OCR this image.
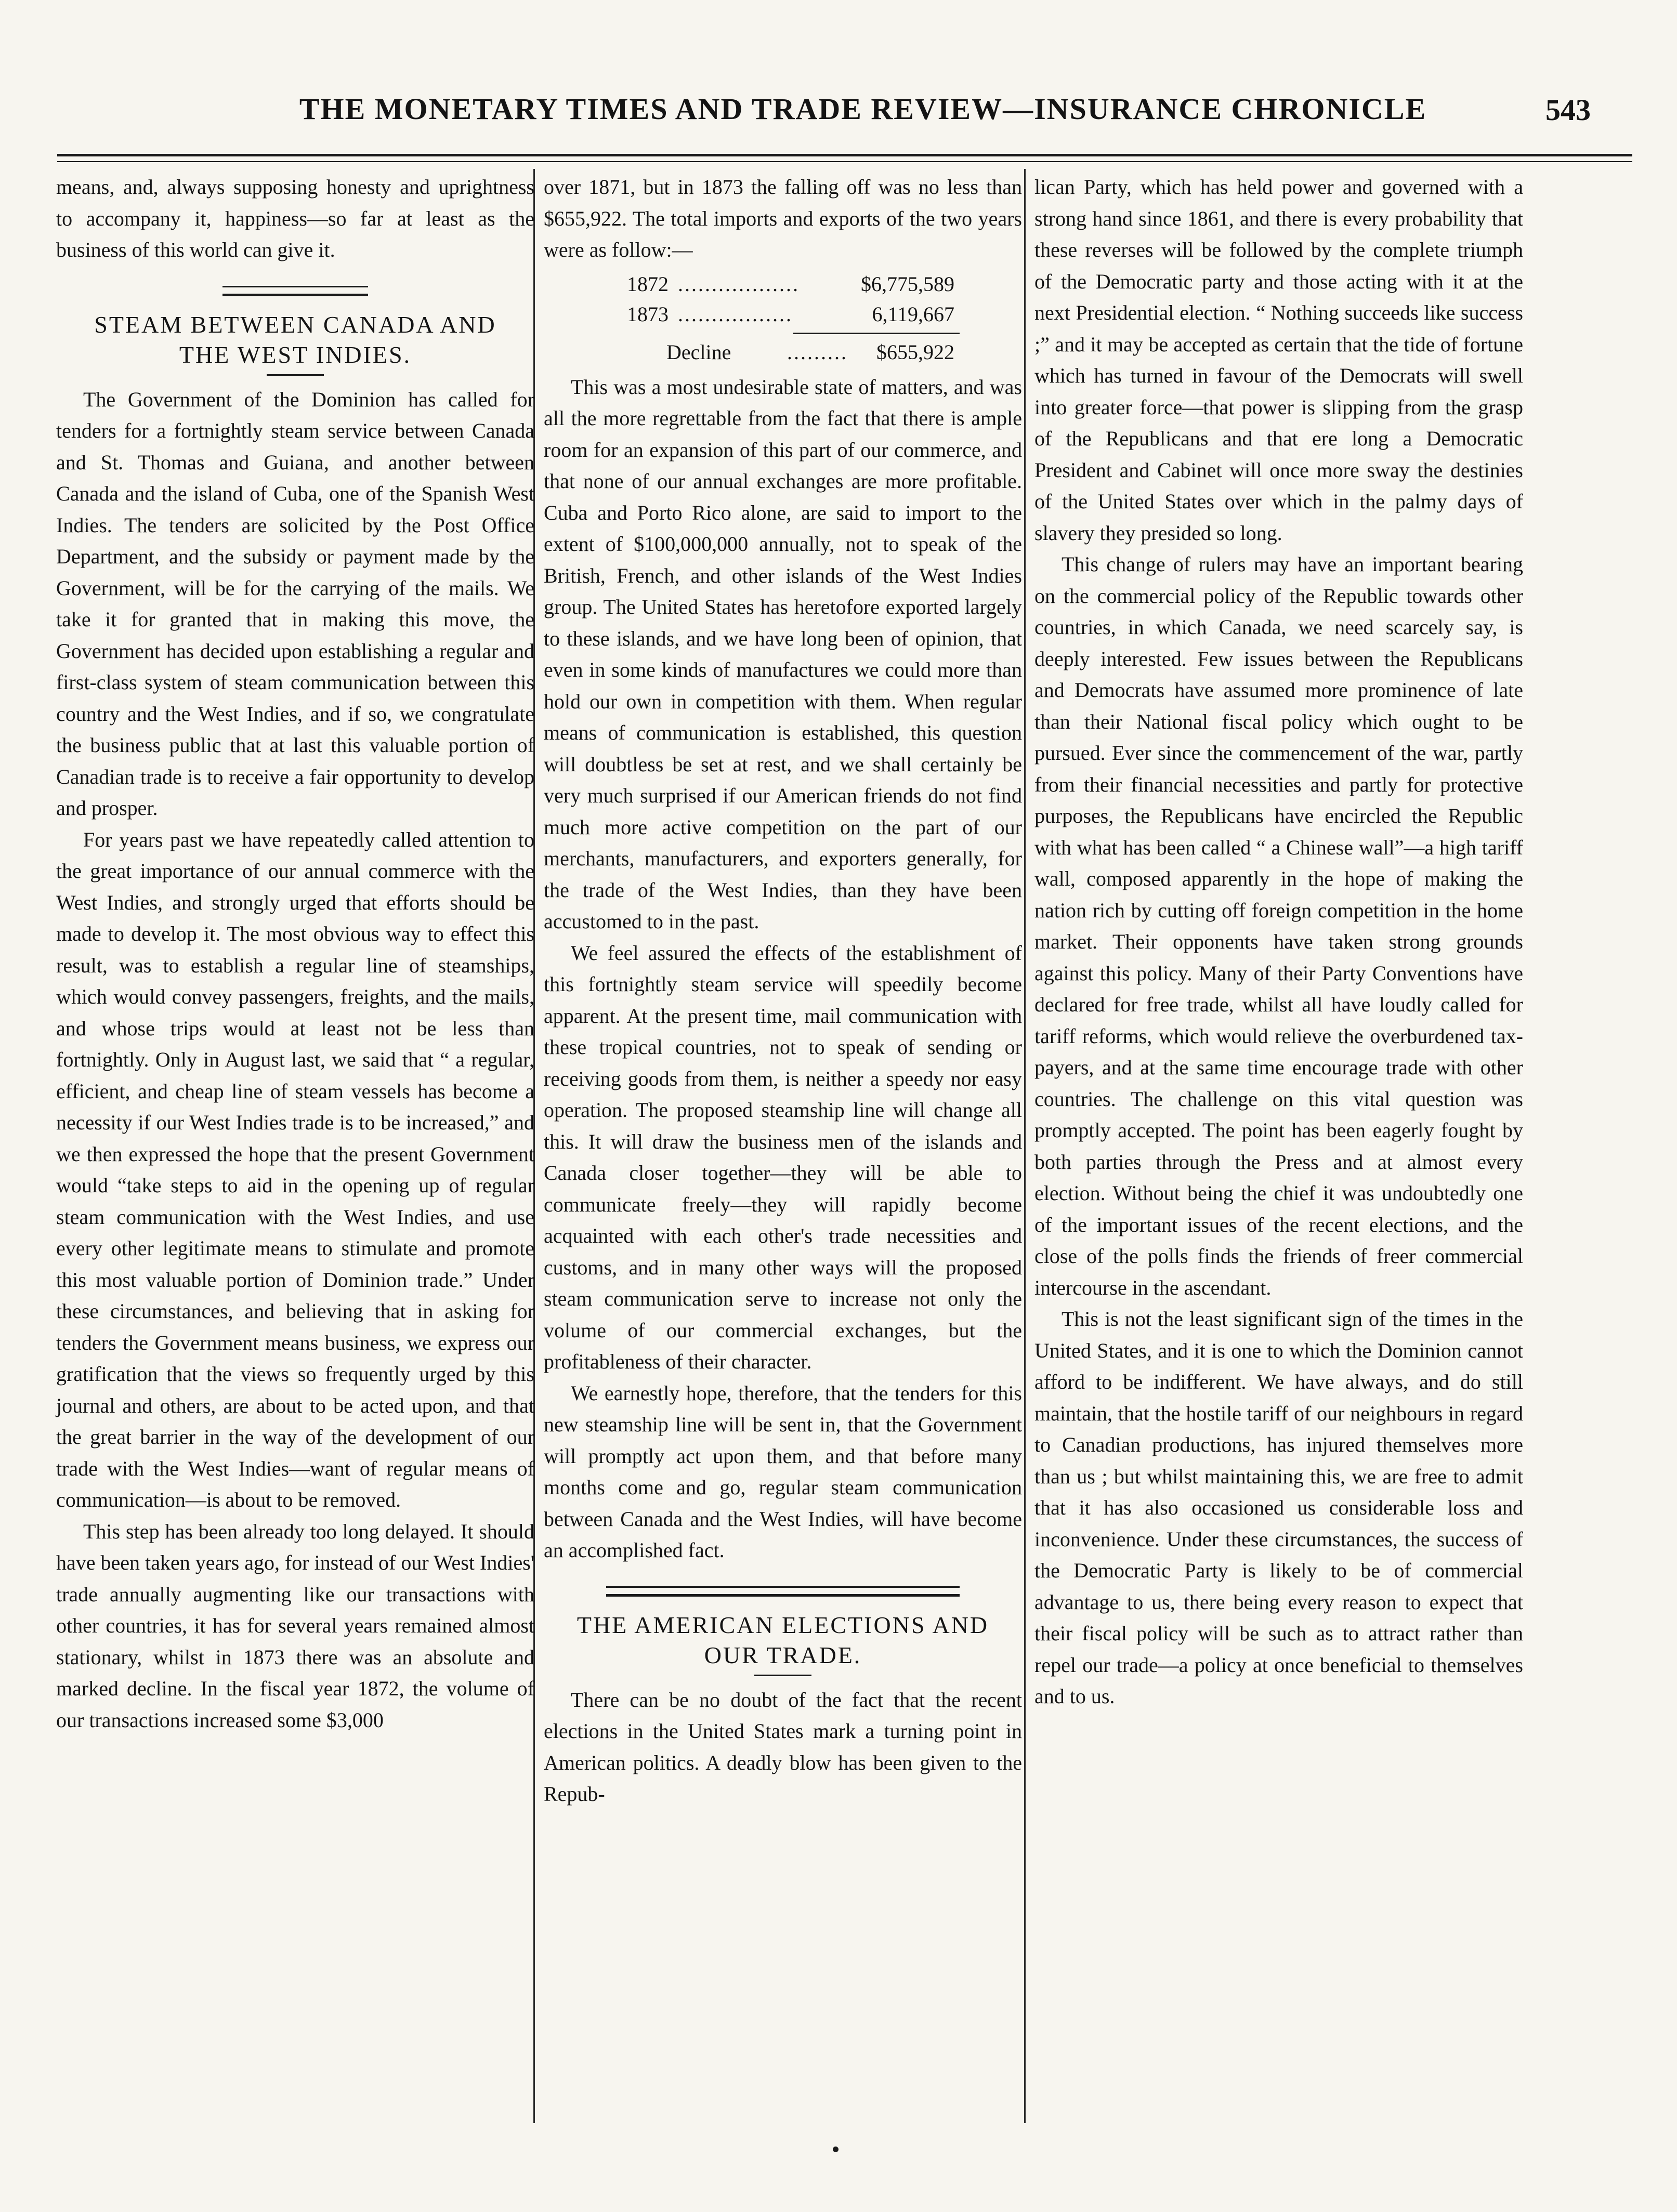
THE MONETARY TIMES AND TRADE REVIEW—INSURANCE CHRONICLE	543

means, and, always supposing honesty and uprightness to accompany it, happiness—so far at least as the business of this world can give it.

STEAM BETWEEN CANADA AND
THE WEST INDIES.

The Government of the Dominion has called for tenders for a fortnightly steam service between Canada and St. Thomas and Guiana, and another between Canada and the island of Cuba, one of the Spanish West Indies. The tenders are solicited by the Post Office Department, and the subsidy or payment made by the Government, will be for the carrying of the mails. We take it for granted that in making this move, the Government has decided upon establishing a regular and first-class system of steam communication between this country and the West Indies, and if so, we congratulate the business public that at last this valuable portion of Canadian trade is to receive a fair opportunity to develop and prosper.

For years past we have repeatedly called attention to the great importance of our annual commerce with the West Indies, and strongly urged that efforts should be made to develop it. The most obvious way to effect this result, was to establish a regular line of steamships, which would convey passengers, freights, and the mails, and whose trips would at least not be less than fortnightly. Only in August last, we said that “ a regular, efficient, and cheap line of steam vessels has become a necessity if our West Indies trade is to be increased,” and we then expressed the hope that the present Government would “take steps to aid in the opening up of regular steam communication with the West Indies, and use every other legitimate means to stimulate and promote this most valuable portion of Dominion trade.” Under these circumstances, and believing that in asking for tenders the Government means business, we express our gratification that the views so frequently urged by this journal and others, are about to be acted upon, and that the great barrier in the way of the development of our trade with the West Indies—want of regular means of communication—is about to be removed.

This step has been already too long delayed. It should have been taken years ago, for instead of our West Indies' trade annually augmenting like our transactions with other countries, it has for several years remained almost stationary, whilst in 1873 there was an absolute and marked decline. In the fiscal year 1872, the volume of our transactions increased some $3,000

over 1871, but in 1873 the falling off was no less than $655,922. The total imports and exports of the two years were as follow:—

1872 ..................	$6,775,589
1873 .................	6,119,667
Decline	......... $655,922

This was a most undesirable state of matters, and was all the more regrettable from the fact that there is ample room for an expansion of this part of our commerce, and that none of our annual exchanges are more profitable. Cuba and Porto Rico alone, are said to import to the extent of $100,000,000 annually, not to speak of the British, French, and other islands of the West Indies group. The United States has heretofore exported largely to these islands, and we have long been of opinion, that even in some kinds of manufactures we could more than hold our own in competition with them. When regular means of communication is established, this question will doubtless be set at rest, and we shall certainly be very much surprised if our American friends do not find much more active competition on the part of our merchants, manufacturers, and exporters generally, for the trade of the West Indies, than they have been accustomed to in the past.

We feel assured the effects of the establishment of this fortnightly steam service will speedily become apparent. At the present time, mail communication with these tropical countries, not to speak of sending or receiving goods from them, is neither a speedy nor easy operation. The proposed steamship line will change all this. It will draw the business men of the islands and Canada closer together—they will be able to communicate freely—they will rapidly become acquainted with each other's trade necessities and customs, and in many other ways will the proposed steam communication serve to increase not only the volume of our commercial exchanges, but the profitableness of their character.

We earnestly hope, therefore, that the tenders for this new steamship line will be sent in, that the Government will promptly act upon them, and that before many months come and go, regular steam communication between Canada and the West Indies, will have become an accomplished fact.

THE AMERICAN ELECTIONS AND
OUR TRADE.

There can be no doubt of the fact that the recent elections in the United States mark a turning point in American politics. A deadly blow has been given to the Repub-

lican Party, which has held power and governed with a strong hand since 1861, and there is every probability that these reverses will be followed by the complete triumph of the Democratic party and those acting with it at the next Presidential election. “ Nothing succeeds like success ;” and it may be accepted as certain that the tide of fortune which has turned in favour of the Democrats will swell into greater force—that power is slipping from the grasp of the Republicans and that ere long a Democratic President and Cabinet will once more sway the destinies of the United States over which in the palmy days of slavery they presided so long.

This change of rulers may have an important bearing on the commercial policy of the Republic towards other countries, in which Canada, we need scarcely say, is deeply interested. Few issues between the Republicans and Democrats have assumed more prominence of late than their National fiscal policy which ought to be pursued. Ever since the commencement of the war, partly from their financial necessities and partly for protective purposes, the Republicans have encircled the Republic with what has been called “ a Chinese wall”—a high tariff wall, composed apparently in the hope of making the nation rich by cutting off foreign competition in the home market. Their opponents have taken strong grounds against this policy. Many of their Party Conventions have declared for free trade, whilst all have loudly called for tariff reforms, which would relieve the overburdened tax-payers, and at the same time encourage trade with other countries. The challenge on this vital question was promptly accepted. The point has been eagerly fought by both parties through the Press and at almost every election. Without being the chief it was undoubtedly one of the important issues of the recent elections, and the close of the polls finds the friends of freer commercial intercourse in the ascendant.

This is not the least significant sign of the times in the United States, and it is one to which the Dominion cannot afford to be indifferent. We have always, and do still maintain, that the hostile tariff of our neighbours in regard to Canadian productions, has injured themselves more than us ; but whilst maintaining this, we are free to admit that it has also occasioned us considerable loss and inconvenience. Under these circumstances, the success of the Democratic Party is likely to be of commercial advantage to us, there being every reason to expect that their fiscal policy will be such as to attract rather than repel our trade—a policy at once beneficial to themselves and to us.
